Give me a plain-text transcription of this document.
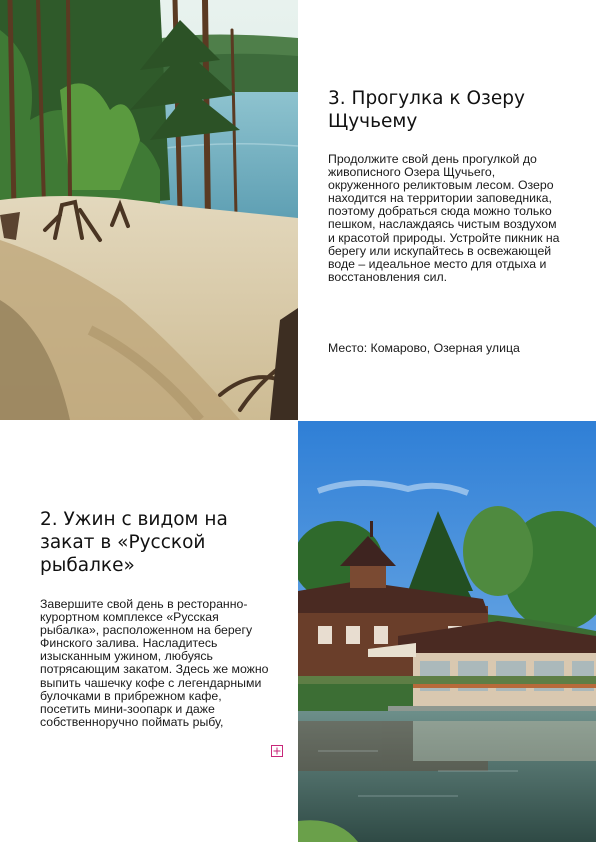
3. Прогулка к Озеру Щучьему

Продолжите свой день прогулкой до живописного Озера Щучьего, окруженного реликтовым лесом. Озеро находится на территории заповедника, поэтому добраться сюда можно только пешком, наслаждаясь чистым воздухом и красотой природы. Устройте пикник на берегу или искупайтесь в освежающей воде – идеальное место для отдыха и восстановления сил.

Место: Комарово, Озерная улица

2. Ужин с видом на закат в «Русской рыбалке»

Завершите свой день в ресторанно-курортном комплексе «Русская рыбалка», расположенном на берегу Финского залива. Насладитесь изысканным ужином, любуясь потрясающим закатом. Здесь же можно выпить чашечку кофе с легендарными булочками в прибрежном кафе, посетить мини-зоопарк и даже собственноручно поймать рыбу,
